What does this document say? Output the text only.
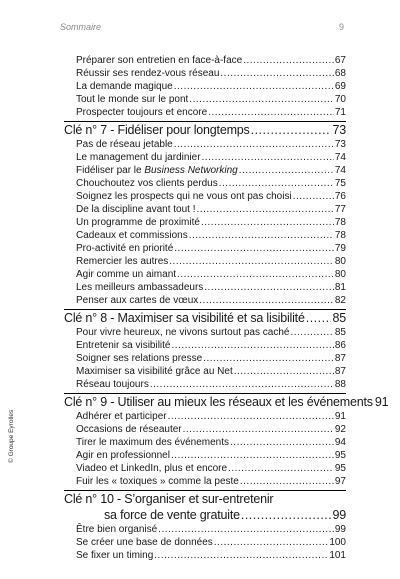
Sommaire	9
© Groupe Eyrolles
Préparer son entretien en face-à-face .....	67
Réussir ses rendez-vous réseau .....	68
La demande magique .....	69
Tout le monde sur le pont .....	70
Prospecter toujours et encore .....	71
Clé n° 7 - Fidéliser pour longtemps .....	73
Pas de réseau jetable .....	73
Le management du jardinier .....	74
Fidéliser par le Business Networking .....	74
Chouchoutez vos clients perdus .....	75
Soignez les prospects qui ne vous ont pas choisi .....	76
De la discipline avant tout ! .....	77
Un programme de proximité .....	78
Cadeaux et commissions .....	78
Pro-activité en priorité .....	79
Remercier les autres .....	80
Agir comme un aimant .....	80
Les meilleurs ambassadeurs .....	81
Penser aux cartes de vœux .....	82
Clé n° 8 - Maximiser sa visibilité et sa lisibilité ..... 85
Pour vivre heureux, ne vivons surtout pas caché .....	85
Entretenir sa visibilité .....	86
Soigner ses relations presse .....	87
Maximiser sa visibilité grâce au Net .....	87
Réseau toujours .....	88
Clé n° 9 - Utiliser au mieux les réseaux et les événements 91
Adhérer et participer .....	91
Occasions de réseauter .....	92
Tirer le maximum des événements .....	94
Agir en professionnel .....	95
Viadeo et LinkedIn, plus et encore .....	95
Fuir les « toxiques » comme la peste .....	97
Clé n° 10 - S’organiser et sur-entretenir
sa force de vente gratuite .....	99
Être bien organisé .....	99
Se créer une base de données .....	100
Se fixer un timing .....	101
